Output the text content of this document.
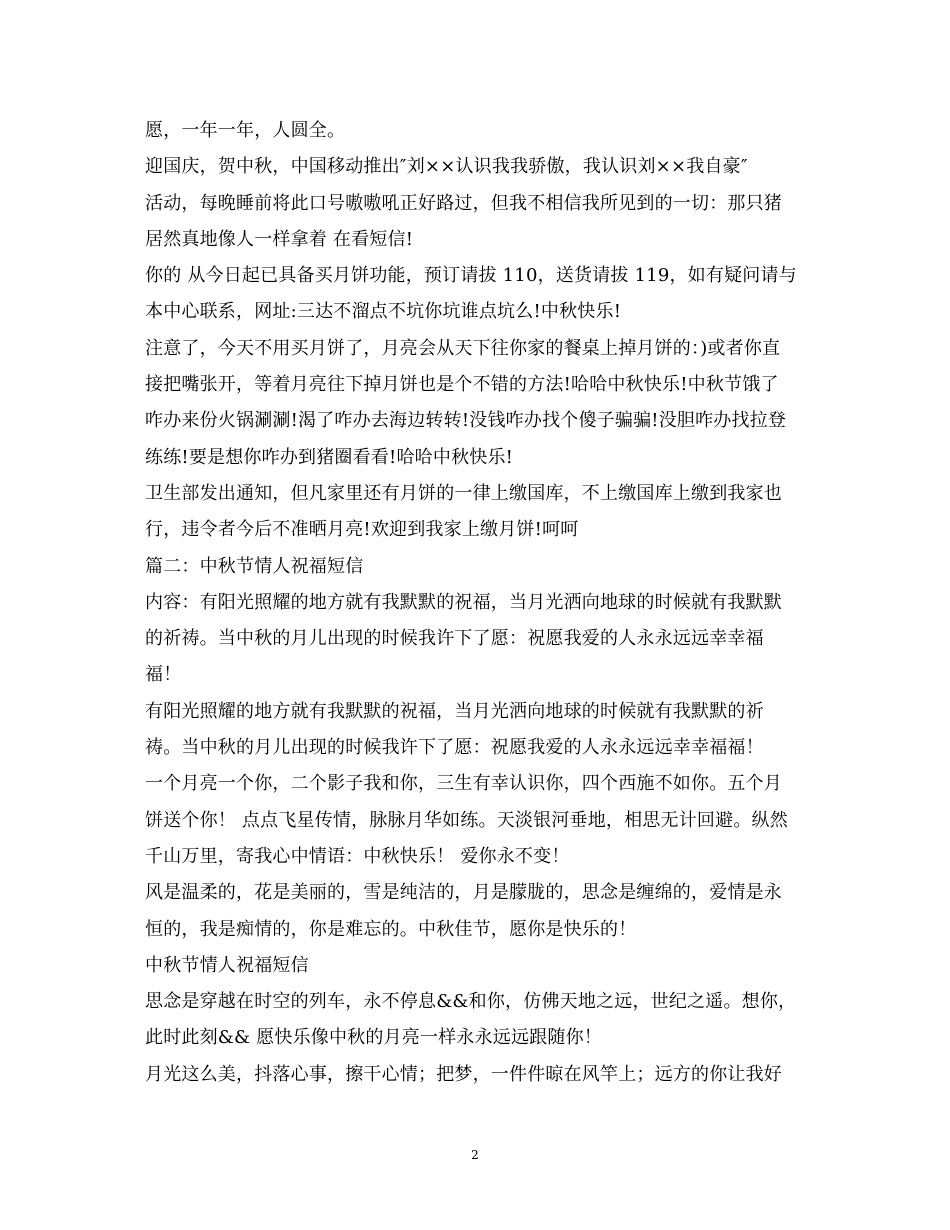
愿，一年一年，人圆全。
迎国庆，贺中秋，中国移动推出″刘××认识我我骄傲，我认识刘××我自豪″
活动，每晚睡前将此口号嗷嗷吼正好路过，但我不相信我所见到的一切：那只猪
居然真地像人一样拿着 在看短信!
你的 从今日起已具备买月饼功能，预订请拔 110，送货请拔 119，如有疑问请与
本中心联系，网址:三达不溜点不坑你坑谁点坑么!中秋快乐!
注意了，今天不用买月饼了，月亮会从天下往你家的餐桌上掉月饼的：)或者你直
接把嘴张开，等着月亮往下掉月饼也是个不错的方法!哈哈中秋快乐!中秋节饿了
咋办来份火锅涮涮!渴了咋办去海边转转!没钱咋办找个傻子骗骗!没胆咋办找拉登
练练!要是想你咋办到猪圈看看!哈哈中秋快乐!
卫生部发出通知，但凡家里还有月饼的一律上缴国库，不上缴国库上缴到我家也
行，违令者今后不准晒月亮!欢迎到我家上缴月饼!呵呵
篇二：中秋节情人祝福短信
内容：有阳光照耀的地方就有我默默的祝福，当月光洒向地球的时候就有我默默
的祈祷。当中秋的月儿出现的时候我许下了愿：祝愿我爱的人永永远远幸幸福
福！
有阳光照耀的地方就有我默默的祝福，当月光洒向地球的时候就有我默默的祈
祷。当中秋的月儿出现的时候我许下了愿：祝愿我爱的人永永远远幸幸福福！
一个月亮一个你，二个影子我和你，三生有幸认识你，四个西施不如你。五个月
饼送个你！ 点点飞星传情，脉脉月华如练。天淡银河垂地，相思无计回避。纵然
千山万里，寄我心中情语：中秋快乐！ 爱你永不变！
风是温柔的，花是美丽的，雪是纯洁的，月是朦胧的，思念是缠绵的，爱情是永
恒的，我是痴情的，你是难忘的。中秋佳节，愿你是快乐的！
中秋节情人祝福短信
思念是穿越在时空的列车，永不停息&&和你，仿佛天地之远，世纪之遥。想你，
此时此刻&& 愿快乐像中秋的月亮一样永永远远跟随你！
月光这么美，抖落心事，擦干心情；把梦，一件件晾在风竿上；远方的你让我好
2
